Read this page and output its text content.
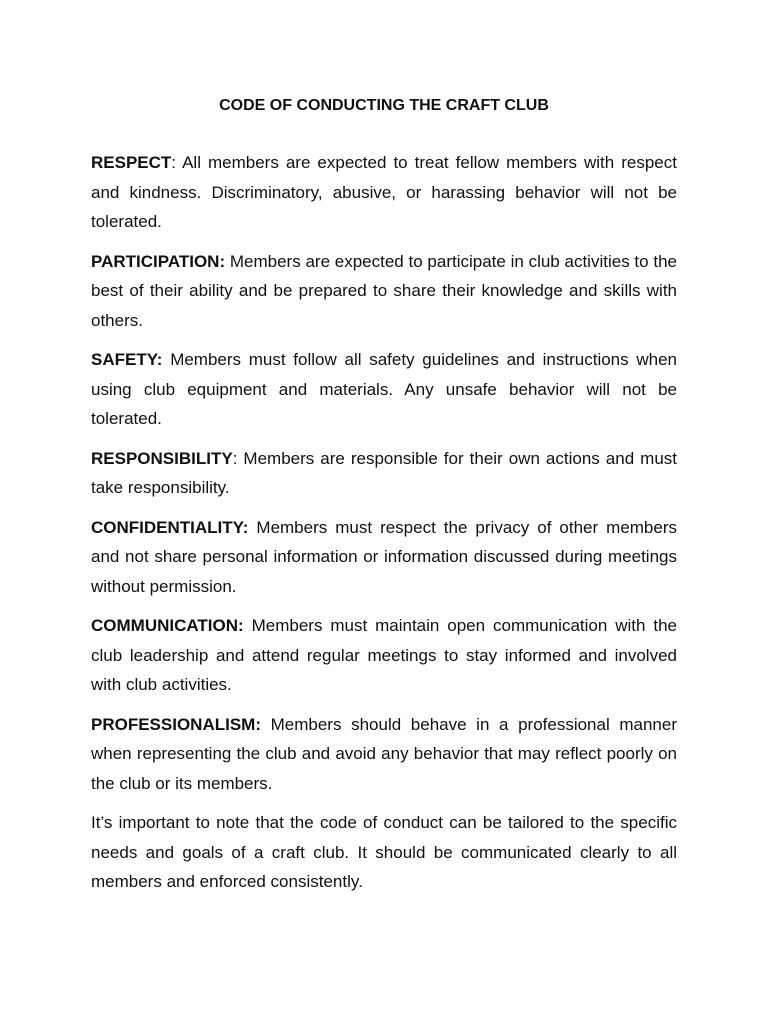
CODE OF CONDUCTING THE CRAFT CLUB

RESPECT: All members are expected to treat fellow members with respect and kindness. Discriminatory, abusive, or harassing behavior will not be tolerated.

PARTICIPATION: Members are expected to participate in club activities to the best of their ability and be prepared to share their knowledge and skills with others.

SAFETY: Members must follow all safety guidelines and instructions when using club equipment and materials. Any unsafe behavior will not be tolerated.

RESPONSIBILITY: Members are responsible for their own actions and must take responsibility.

CONFIDENTIALITY: Members must respect the privacy of other members and not share personal information or information discussed during meetings without permission.

COMMUNICATION: Members must maintain open communication with the club leadership and attend regular meetings to stay informed and involved with club activities.

PROFESSIONALISM: Members should behave in a professional manner when representing the club and avoid any behavior that may reflect poorly on the club or its members.

It’s important to note that the code of conduct can be tailored to the specific needs and goals of a craft club. It should be communicated clearly to all members and enforced consistently.
